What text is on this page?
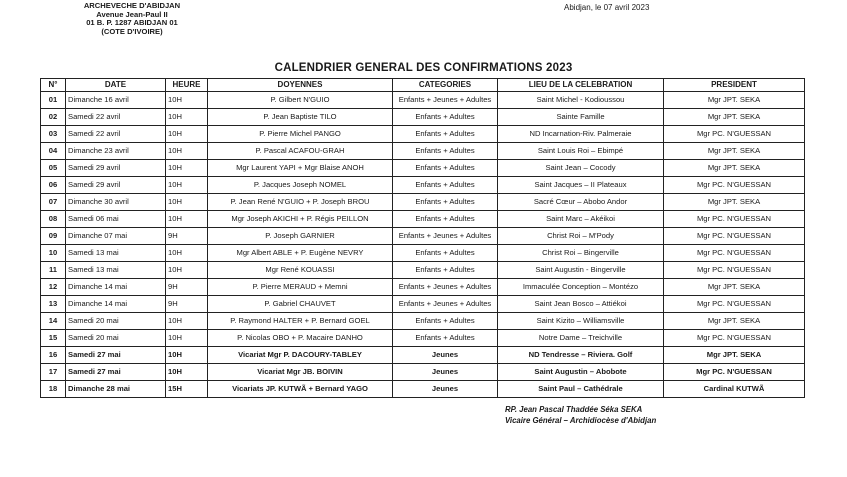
ARCHEVECHE D'ABIDJAN
Avenue Jean-Paul II
01 B. P. 1287 ABIDJAN 01
(COTE D'IVOIRE)
Abidjan, le 07 avril 2023
CALENDRIER GENERAL DES CONFIRMATIONS 2023
N°	DATE	HEURE	DOYENNES	CATEGORIES	LIEU DE LA CELEBRATION	PRESIDENT
01	Dimanche 16 avril	10H	P. Gilbert N'GUIO	Enfants + Jeunes + Adultes	Saint Michel - Kodioussou	Mgr JPT. SEKA
02	Samedi 22 avril	10H	P. Jean Baptiste TILO	Enfants + Adultes	Sainte Famille	Mgr JPT. SEKA
03	Samedi 22 avril	10H	P. Pierre Michel PANGO	Enfants + Adultes	ND Incarnation-Riv. Palmeraie	Mgr PC. N'GUESSAN
04	Dimanche 23 avril	10H	P. Pascal ACAFOU-GRAH	Enfants + Adultes	Saint Louis Roi – Ebimpé	Mgr JPT. SEKA
05	Samedi 29 avril	10H	Mgr Laurent YAPI + Mgr Blaise ANOH	Enfants + Adultes	Saint Jean – Cocody	Mgr JPT. SEKA
06	Samedi 29 avril	10H	P. Jacques Joseph NOMEL	Enfants + Adultes	Saint Jacques – II Plateaux	Mgr PC. N'GUESSAN
07	Dimanche 30 avril	10H	P. Jean René N'GUIO + P. Joseph BROU	Enfants + Adultes	Sacré Cœur – Abobo Andor	Mgr JPT. SEKA
08	Samedi 06 mai	10H	Mgr Joseph AKICHI + P. Régis PEILLON	Enfants + Adultes	Saint Marc – Akéikoi	Mgr PC. N'GUESSAN
09	Dimanche 07 mai	9H	P. Joseph GARNIER	Enfants + Jeunes + Adultes	Christ Roi – M'Pody	Mgr PC. N'GUESSAN
10	Samedi 13 mai	10H	Mgr Albert ABLE + P. Eugène NEVRY	Enfants + Adultes	Christ Roi – Bingerville	Mgr PC. N'GUESSAN
11	Samedi 13 mai	10H	Mgr René KOUASSI	Enfants + Adultes	Saint Augustin - Bingerville	Mgr PC. N'GUESSAN
12	Dimanche 14 mai	9H	P. Pierre MERAUD + Memni	Enfants + Jeunes + Adultes	Immaculée Conception – Montézo	Mgr JPT. SEKA
13	Dimanche 14 mai	9H	P. Gabriel CHAUVET	Enfants + Jeunes + Adultes	Saint Jean Bosco – Attiékoi	Mgr PC. N'GUESSAN
14	Samedi 20 mai	10H	P. Raymond HALTER + P. Bernard GOEL	Enfants + Adultes	Saint Kizito – Williamsville	Mgr JPT. SEKA
15	Samedi 20 mai	10H	P. Nicolas OBO + P. Macaire DANHO	Enfants + Adultes	Notre Dame – Treichville	Mgr PC. N'GUESSAN
16	Samedi 27 mai	10H	Vicariat Mgr P. DACOURY-TABLEY	Jeunes	ND Tendresse – Riviera. Golf	Mgr JPT. SEKA
17	Samedi 27 mai	10H	Vicariat Mgr JB. BOIVIN	Jeunes	Saint Augustin – Abobote	Mgr PC. N'GUESSAN
18	Dimanche 28 mai	15H	Vicariats JP. KUTWÃ + Bernard YAGO	Jeunes	Saint Paul – Cathédrale	Cardinal KUTWÃ
RP. Jean Pascal Thaddée Séka SEKA
Vicaire Général – Archidiocèse d'Abidjan
